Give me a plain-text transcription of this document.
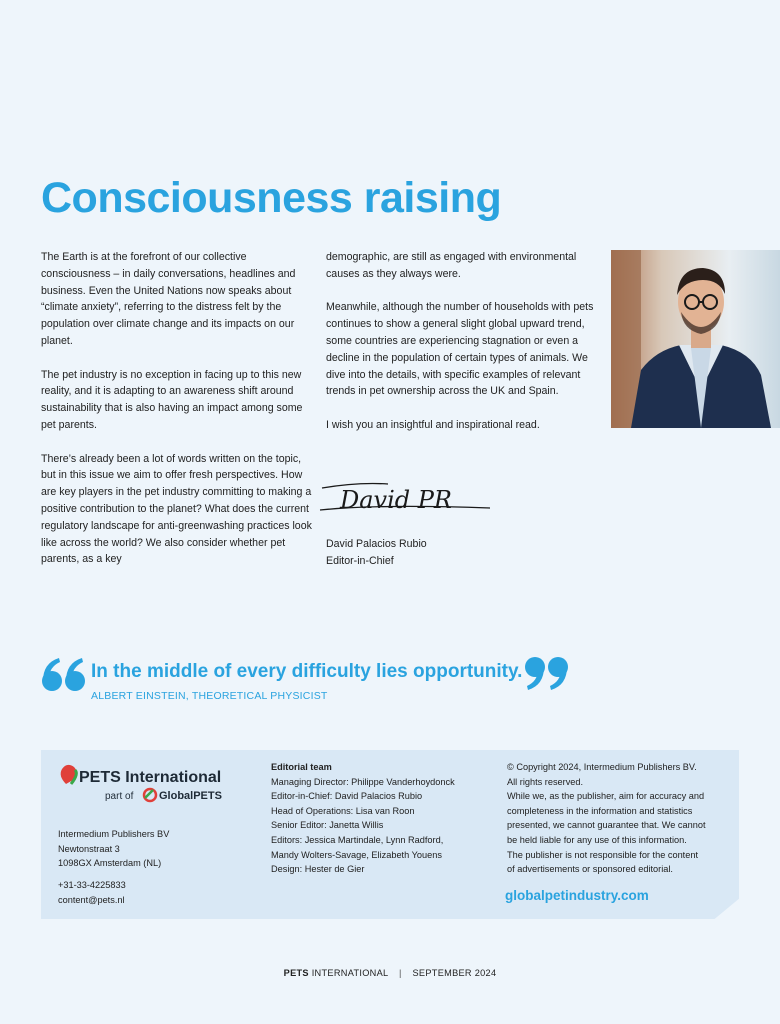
Consciousness raising

The Earth is at the forefront of our collective consciousness – in daily conversations, headlines and business. Even the United Nations now speaks about “climate anxiety”, referring to the distress felt by the population over climate change and its impacts on our planet.

The pet industry is no exception in facing up to this new reality, and it is adapting to an awareness shift around sustainability that is also having an impact among some pet parents.

There’s already been a lot of words written on the topic, but in this issue we aim to offer fresh perspectives. How are key players in the pet industry committing to making a positive contribution to the planet? What does the current regulatory landscape for anti-greenwashing practices look like across the world? We also consider whether pet parents, as a key

demographic, are still as engaged with environmental causes as they always were.

Meanwhile, although the number of households with pets continues to show a general slight global upward trend, some countries are experiencing stagnation or even a decline in the population of certain types of animals. We dive into the details, with specific examples of relevant trends in pet ownership across the UK and Spain.

I wish you an insightful and inspirational read.

David PR
David Palacios Rubio
Editor-in-Chief
In the middle of every difficulty lies opportunity.
ALBERT EINSTEIN, THEORETICAL PHYSICIST
PETS International
part of GlobalPETS
Intermedium Publishers BV
Newtonstraat 3
1098GX Amsterdam (NL)
+31-33-4225833
content@pets.nl
Editorial team
Managing Director: Philippe Vanderhoydonck
Editor-in-Chief: David Palacios Rubio
Head of Operations: Lisa van Roon
Senior Editor: Janetta Willis
Editors: Jessica Martindale, Lynn Radford,
Mandy Wolters-Savage, Elizabeth Youens
Design: Hester de Gier
© Copyright 2024, Intermedium Publishers BV.
All rights reserved.
While we, as the publisher, aim for accuracy and
completeness in the information and statistics
presented, we cannot guarantee that. We cannot
be held liable for any use of this information.
The publisher is not responsible for the content
of advertisements or sponsored editorial.
globalpetindustry.com
PETS INTERNATIONAL | SEPTEMBER 2024
